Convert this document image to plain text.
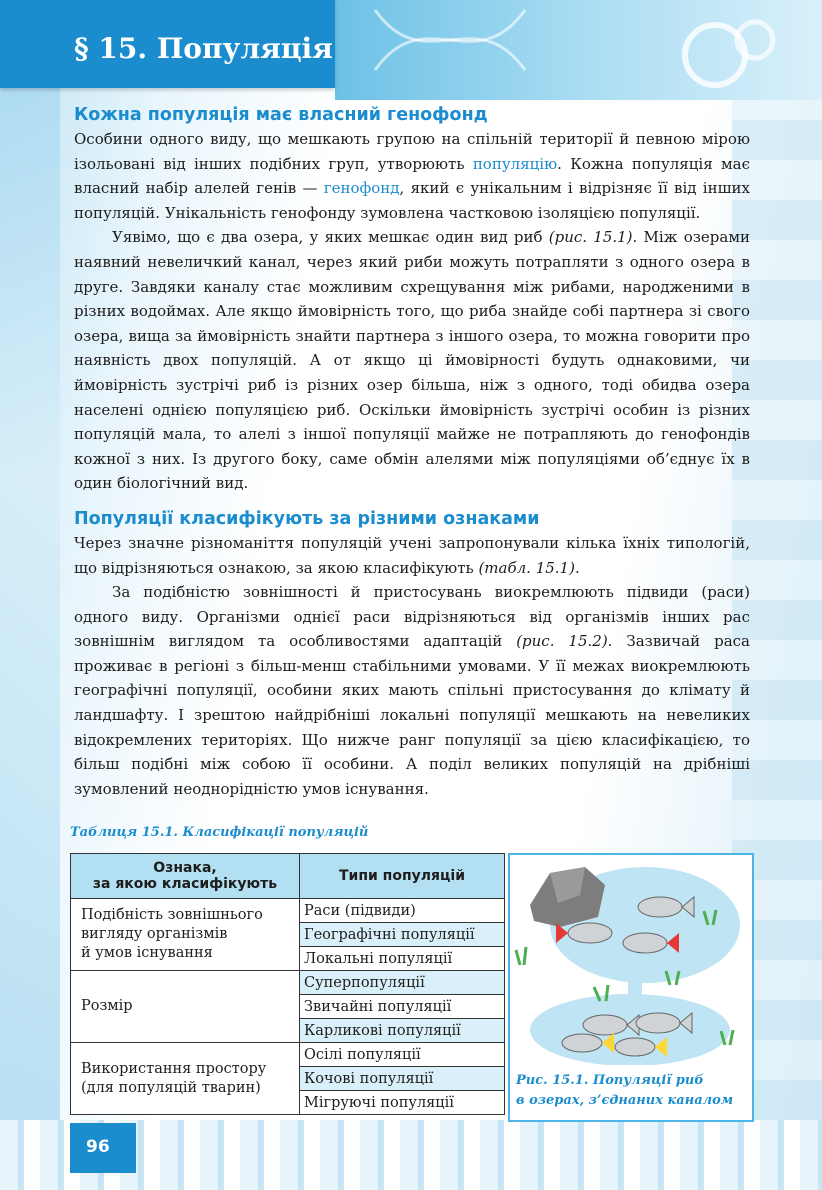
§ 15. Популяція
Кожна популяція має власний генофонд

Особини одного виду, що мешкають групою на спільній території й певною мірою ізольовані від інших подібних груп, утворюють популяцію. Кожна популяція має власний набір алелей генів — генофонд, який є унікальним і відрізняє її від інших популяцій. Унікальність генофонду зумовлена частковою ізоляцією популяції.

Уявімо, що є два озера, у яких мешкає один вид риб (рис. 15.1). Між озерами наявний невеличкий канал, через який риби можуть потрапляти з одного озера в друге. Завдяки каналу стає можливим схрещування між рибами, народженими в різних водоймах. Але якщо ймовірність того, що риба знайде собі партнера зі свого озера, вища за ймовірність знайти партнера з іншого озера, то можна говорити про наявність двох популяцій. А от якщо ці ймовірності будуть однаковими, чи ймовірність зустрічі риб із різних озер більша, ніж з одного, тоді обидва озера населені однією популяцією риб. Оскільки ймовірність зустрічі особин із різних популяцій мала, то алелі з іншої популяції майже не потрапляють до генофондів кожної з них. Із другого боку, саме обмін алелями між популяціями об’єднує їх в один біологічний вид.

Популяції класифікують за різними ознаками

Через значне різноманіття популяцій учені запропонували кілька їхніх типологій, що відрізняються ознакою, за якою класифікують (табл. 15.1).

За подібністю зовнішності й пристосувань виокремлюють підвиди (раси) одного виду. Організми однієї раси відрізняються від організмів інших рас зовнішнім виглядом та особливостями адаптацій (рис. 15.2). Зазвичай раса проживає в регіоні з більш-менш стабільними умовами. У її межах виокремлюють географічні популяції, особини яких мають спільні пристосування до клімату й ландшафту. І зрештою найдрібніші локальні популяції мешкають на невеликих відокремлених територіях. Що нижче ранг популяції за цією класифікацією, то більш подібні між собою її особини. А поділ великих популяцій на дрібніші зумовлений неоднорідністю умов існування.

Таблиця 15.1. Класифікації популяцій
Ознака,
за якою класифікують	Типи популяцій
Подібність зовнішнього
вигляду організмів
й умов існування	Раси (підвиди)
	Географічні популяції
	Локальні популяції
Розмір	Суперпопуляції
	Звичайні популяції
	Карликові популяції
Використання простору
(для популяцій тварин)	Осілі популяції
	Кочові популяції
	Мігруючі популяції
Рис. 15.1. Популяції риб
в озерах, з’єднаних каналом
96
